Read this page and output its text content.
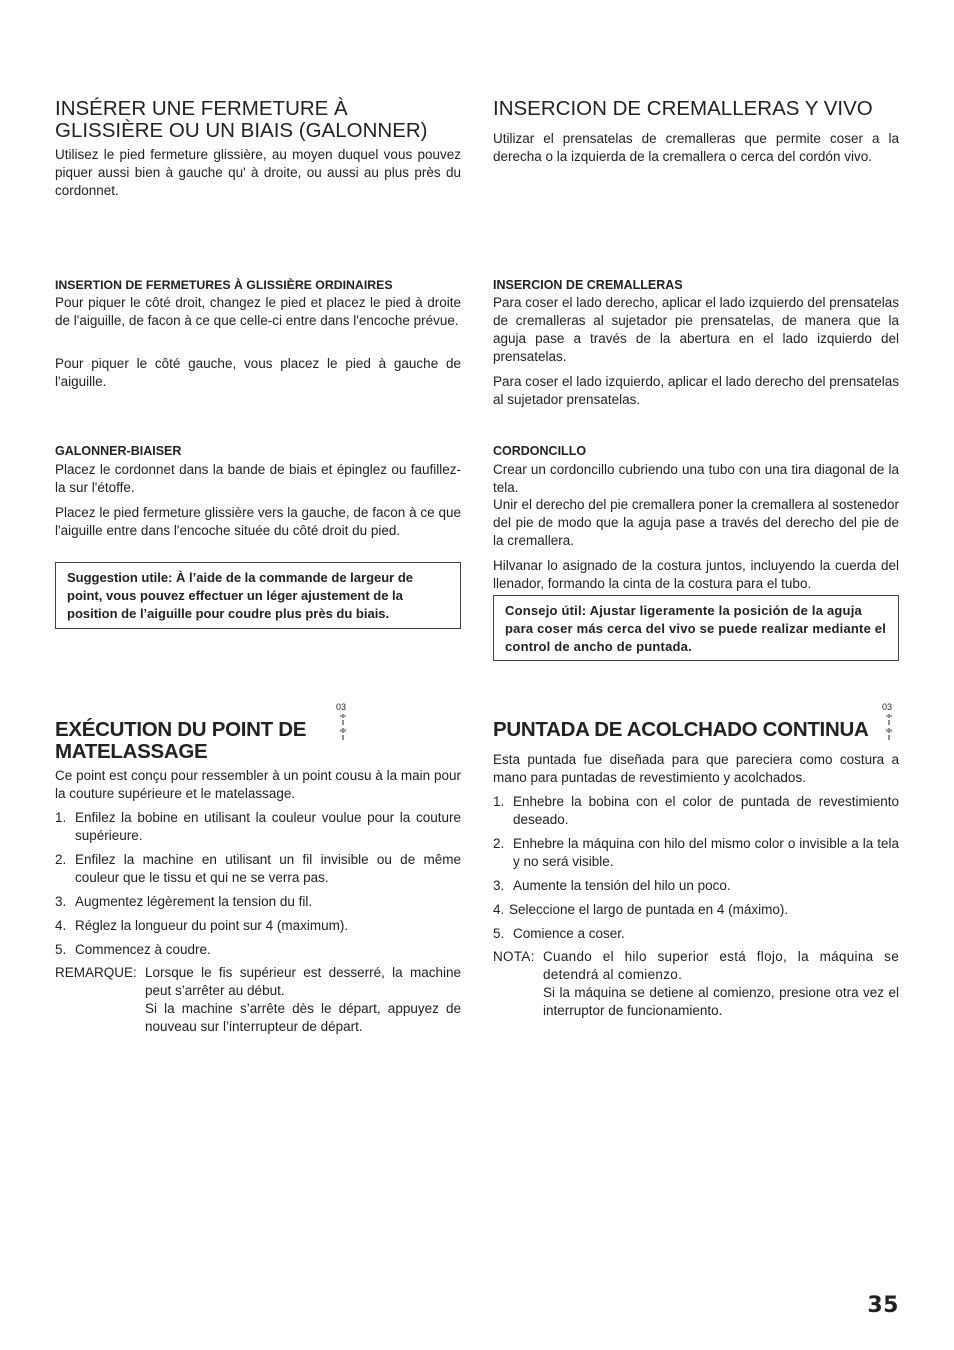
INSÉRER UNE FERMETURE À
GLISSIÈRE OU UN BIAIS (GALONNER)

Utilisez le pied fermeture glissière, au moyen duquel vous pouvez piquer aussi bien à gauche qu' à droite, ou aussi au plus près du cordonnet.

INSERTION DE FERMETURES À GLISSIÈRE ORDINAIRES

Pour piquer le côté droit, changez le pied et placez le pied à droite de l'aiguille, de facon à ce que celle-ci entre dans l'encoche prévue.

Pour piquer le côté gauche, vous placez le pied à gauche de l'aiguille.

GALONNER-BIAISER

Placez le cordonnet dans la bande de biais et épinglez ou faufillez-la sur l'étoffe.

Placez le pied fermeture glissière vers la gauche, de facon à ce que l'aiguille entre dans l'encoche située du côté droit du pied.

Suggestion utile: À l’aide de la commande de largeur de point, vous pouvez effectuer un léger ajustement de la position de l’aiguille pour coudre plus près du biais.
EXÉCUTION DU POINT DE
MATELASSAGE
03

Ce point est conçu pour ressembler à un point cousu à la main pour la couture supérieure et le matelassage.

1. Enfilez la bobine en utilisant la couleur voulue pour la couture supérieure.
2. Enfilez la machine en utilisant un fil invisible ou de même couleur que le tissu et qui ne se verra pas.
3. Augmentez légèrement la tension du fil.
4. Réglez la longueur du point sur 4 (maximum).
5. Commencez à coudre.
REMARQUE: Lorsque le fis supérieur est desserré, la machine peut s’arrêter au début.
Si la machine s’arrête dès le départ, appuyez de nouveau sur l’interrupteur de départ.
INSERCION DE CREMALLERAS Y VIVO

Utilizar el prensatelas de cremalleras que permite coser a la derecha o la izquierda de la cremallera o cerca del cordón vivo.

INSERCION DE CREMALLERAS

Para coser el lado derecho, aplicar el lado izquierdo del prensatelas de cremalleras al sujetador pie prensatelas, de manera que la aguja pase a través de la abertura en el lado izquierdo del prensatelas.

Para coser el lado izquierdo, aplicar el lado derecho del prensatelas al sujetador prensatelas.

CORDONCILLO

Crear un cordoncillo cubriendo una tubo con una tira diagonal de la tela.

Unir el derecho del pie cremallera poner la cremallera al sostenedor del pie de modo que la aguja pase a través del derecho del pie de la cremallera.

Hilvanar lo asignado de la costura juntos, incluyendo la cuerda del llenador, formando la cinta de la costura para el tubo.

Consejo útil: Ajustar ligeramente la posición de la aguja para coser más cerca del vivo se puede realizar mediante el control de ancho de puntada.
PUNTADA DE ACOLCHADO CONTINUA
03

Esta puntada fue diseñada para que pareciera como costura a mano para puntadas de revestimiento y acolchados.

1. Enhebre la bobina con el color de puntada de revestimiento deseado.
2. Enhebre la máquina con hilo del mismo color o invisible a la tela y no será visible.
3. Aumente la tensión del hilo un poco.
4. Seleccione el largo de puntada en 4 (máximo).
5. Comience a coser.
NOTA: Cuando el hilo superior está flojo, la máquina se detendrá al comienzo.
Si la máquina se detiene al comienzo, presione otra vez el interruptor de funcionamiento.
35
